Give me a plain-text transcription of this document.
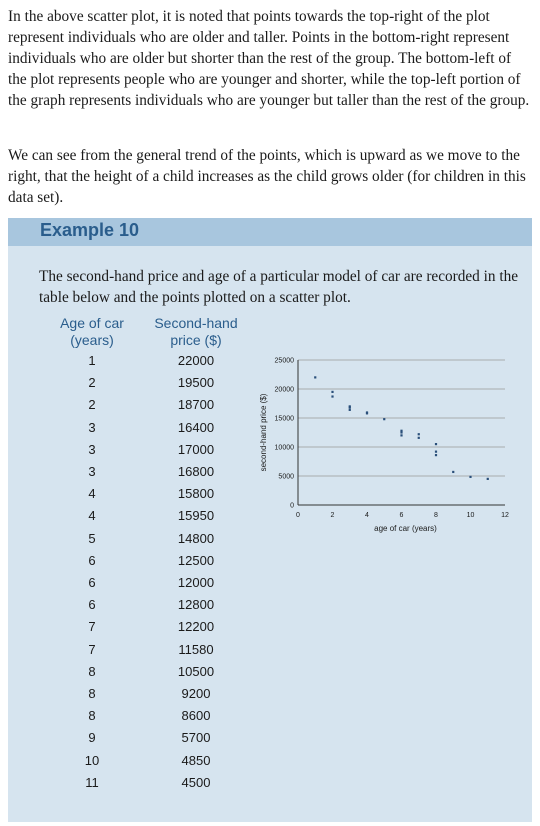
In the above scatter plot, it is noted that points towards the top-right of the plot represent individuals who are older and taller. Points in the bottom-right represent individuals who are older but shorter than the rest of the group. The bottom-left of the plot represents people who are younger and shorter, while the top-left portion of the graph represents individuals who are younger but taller than the rest of the group.

We can see from the general trend of the points, which is upward as we move to the right, that the height of a child increases as the child grows older (for children in this data set).

Example 10

The second-hand price and age of a particular model of car are recorded in the table below and the points plotted on a scatter plot.

Age of car (years)
Second-hand price ($)
1	22000
2	19500
2	18700
3	16400
3	17000
3	16800
4	15800
4	15950
5	14800
6	12500
6	12000
6	12800
7	12200
7	11580
8	10500
8	9200
8	8600
9	5700
10	4850
11	4500
0
5000
10000
15000
20000
25000
0	2	4	6	8	10	12
age of car (years)
second-hand price ($)
